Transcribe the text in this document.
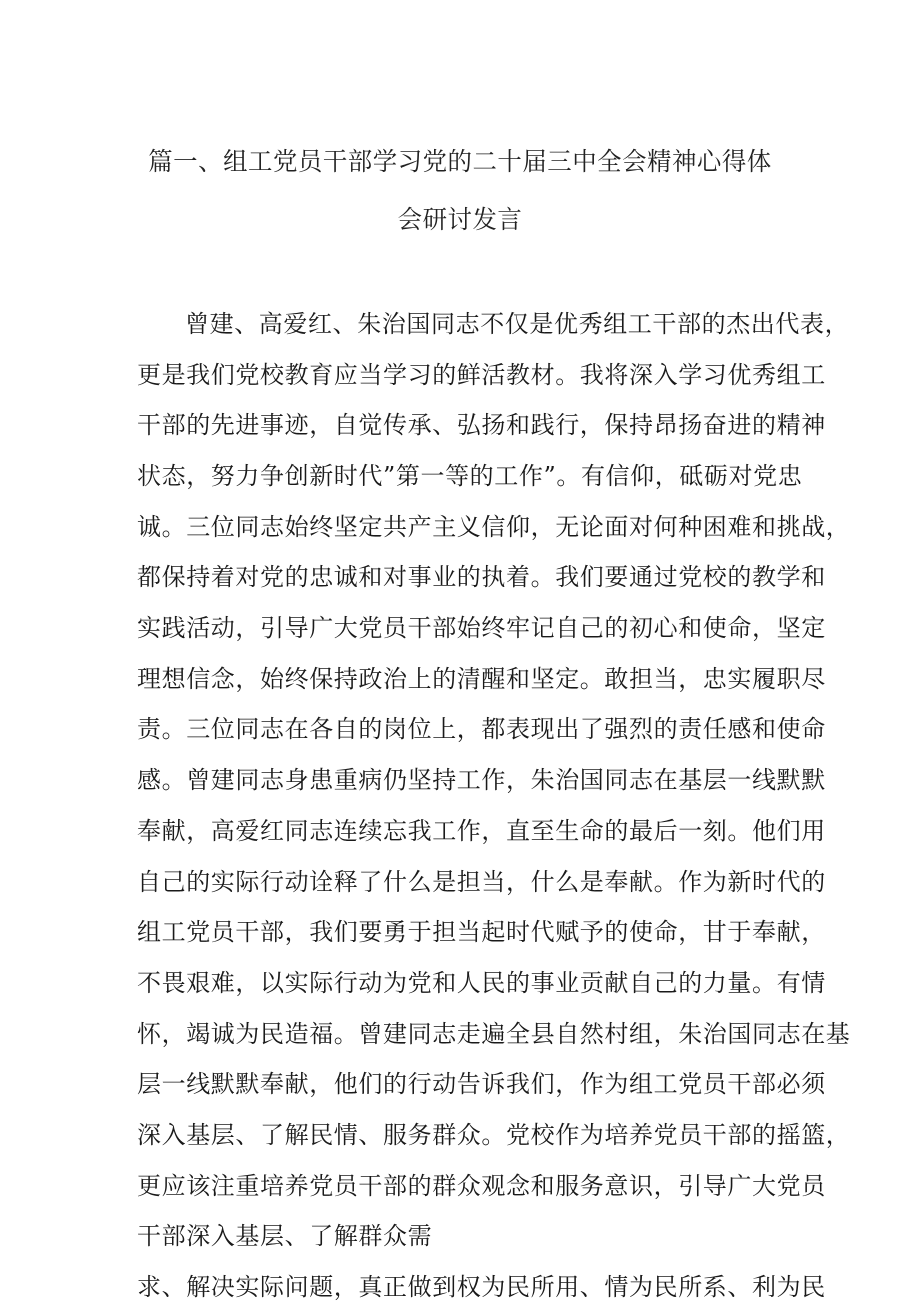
篇一、组工党员干部学习党的二十届三中全会精神心得体
会研讨发言
曾建、高爱红、朱治国同志不仅是优秀组工干部的杰出代表，
更是我们党校教育应当学习的鲜活教材。我将深入学习优秀组工
干部的先进事迹，自觉传承、弘扬和践行，保持昂扬奋进的精神
状态，努力争创新时代”第一等的工作”。有信仰，砥砺对党忠
诚。三位同志始终坚定共产主义信仰，无论面对何种困难和挑战，
都保持着对党的忠诚和对事业的执着。我们要通过党校的教学和
实践活动，引导广大党员干部始终牢记自己的初心和使命，坚定
理想信念，始终保持政治上的清醒和坚定。敢担当，忠实履职尽
责。三位同志在各自的岗位上，都表现出了强烈的责任感和使命
感。曾建同志身患重病仍坚持工作，朱治国同志在基层一线默默
奉献，高爱红同志连续忘我工作，直至生命的最后一刻。他们用
自己的实际行动诠释了什么是担当，什么是奉献。作为新时代的
组工党员干部，我们要勇于担当起时代赋予的使命，甘于奉献，
不畏艰难，以实际行动为党和人民的事业贡献自己的力量。有情
怀，竭诚为民造福。曾建同志走遍全县自然村组，朱治国同志在基
层一线默默奉献，他们的行动告诉我们，作为组工党员干部必须
深入基层、了解民情、服务群众。党校作为培养党员干部的摇篮，
更应该注重培养党员干部的群众观念和服务意识，引导广大党员
干部深入基层、了解群众需
求、解决实际问题，真正做到权为民所用、情为民所系、利为民
